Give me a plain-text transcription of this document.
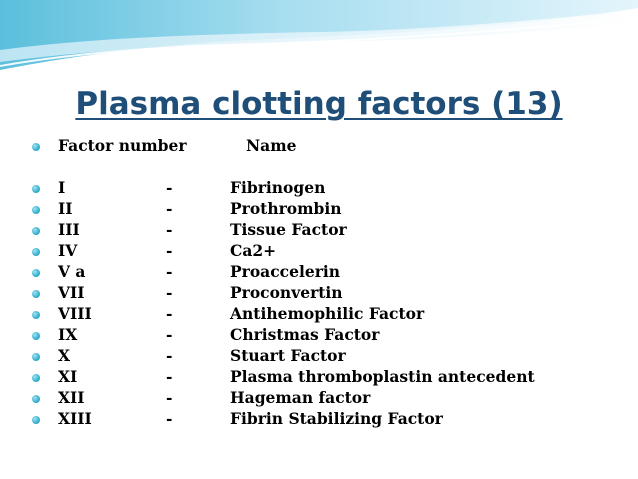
Plasma clotting factors (13)
Factor number	Name
I	-	Fibrinogen
II	-	Prothrombin
III	-	Tissue Factor
IV	-	Ca2+
V a	-	Proaccelerin
VII	-	Proconvertin
VIII	-	Antihemophilic Factor
IX	-	Christmas Factor
X	-	Stuart Factor
XI	-	Plasma thromboplastin antecedent
XII	-	Hageman factor
XIII	-	Fibrin Stabilizing Factor
